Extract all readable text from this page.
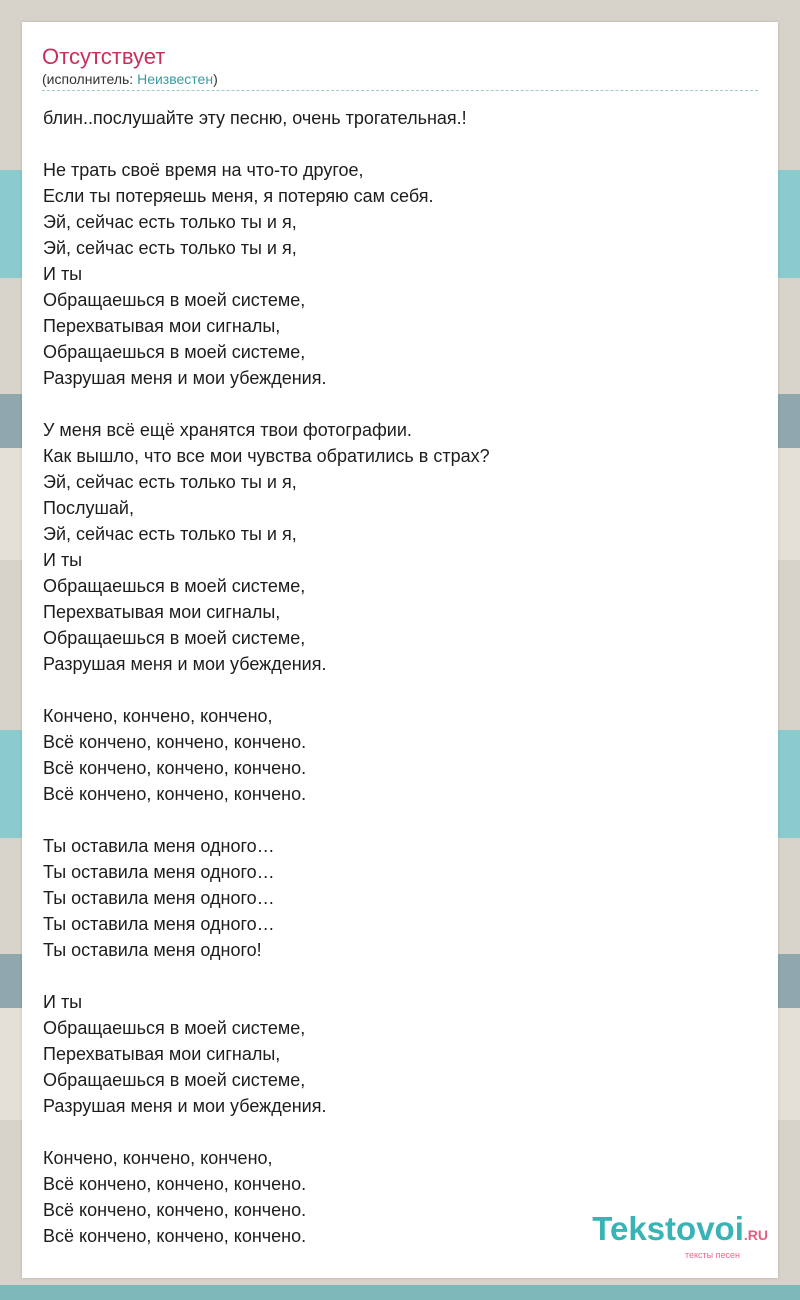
Отсутствует
(исполнитель: Неизвестен)
блин..послушайте эту песню, очень трогательная.!
Не трать своё время на что-то другое,
Если ты потеряешь меня, я потеряю сам себя.
Эй, сейчас есть только ты и я,
Эй, сейчас есть только ты и я,
И ты
Обращаешься в моей системе,
Перехватывая мои сигналы,
Обращаешься в моей системе,
Разрушая меня и мои убеждения.
У меня всё ещё хранятся твои фотографии.
Как вышло, что все мои чувства обратились в страх?
Эй, сейчас есть только ты и я,
Послушай,
Эй, сейчас есть только ты и я,
И ты
Обращаешься в моей системе,
Перехватывая мои сигналы,
Обращаешься в моей системе,
Разрушая меня и мои убеждения.
Кончено, кончено, кончено,
Всё кончено, кончено, кончено.
Всё кончено, кончено, кончено.
Всё кончено, кончено, кончено.
Ты оставила меня одного…
Ты оставила меня одного…
Ты оставила меня одного…
Ты оставила меня одного…
Ты оставила меня одного!
И ты
Обращаешься в моей системе,
Перехватывая мои сигналы,
Обращаешься в моей системе,
Разрушая меня и мои убеждения.
Кончено, кончено, кончено,
Всё кончено, кончено, кончено.
Всё кончено, кончено, кончено.
Всё кончено, кончено, кончено.	Tekstovoi.RU
тексты песен
